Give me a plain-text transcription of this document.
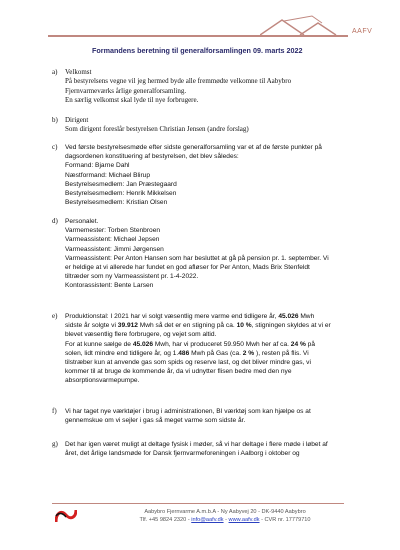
AAFV
Formandens beretning til generalforsamlingen 09. marts 2022
a)	Velkomst
På bestyrelsens vegne vil jeg hermed byde alle fremmødte velkomne til Aabybro
Fjernvarmeværks årlige generalforsamling.
En særlig velkomst skal lyde til nye forbrugere.
b)	Dirigent
Som dirigent foreslår bestyrelsen Christian Jensen (andre forslag)
c)	Ved første bestyrelsesmøde efter sidste generalforsamling var et af de første punkter på
dagsordenen konstituering af bestyrelsen, det blev således:
Formand: Bjarne Dahl
Næstformand: Michael Blirup
Bestyrelsesmedlem: Jan Præstegaard
Bestyrelsesmedlem: Henrik Mikkelsen
Bestyrelsesmedlem: Kristian Olsen
d)	Personalet.
Varmemester: Torben Stenbroen
Varmeassistent: Michael Jepsen
Varmeassistent: Jimmi Jørgensen
Varmeassistent: Per Anton Hansen som har besluttet at gå på pension pr. 1. september. Vi
er heldige at vi allerede har fundet en god afløser for Per Anton, Mads Brix Stenfeldt
tiltræder som ny Varmeassistent pr. 1-4-2022.
Kontorassistent: Bente Larsen
e)	Produktionstal: I 2021 har vi solgt væsentlig mere varme end tidligere år, 45.026 Mwh
sidste år solgte vi 39.912 Mwh så det er en stigning på ca. 10 %, stigningen skyldes at vi er
blevet væsentlig flere forbrugere, og vejet som altid.
For at kunne sælge de 45.026 Mwh, har vi produceret 59.950 Mwh her af ca. 24 % på
solen, lidt mindre end tidligere år, og 1.486 Mwh på Gas (ca. 2 % ), resten på flis. Vi
tilstræber kun at anvende gas som spids og reserve last, og det bliver mindre gas, vi
kommer til at bruge de kommende år, da vi udnytter flisen bedre med den nye
absorptionsvarmepumpe.
f)	Vi har taget nye værktøjer i brug i administrationen, BI værktøj som kan hjælpe os at
gennemskue om vi sejler i gas så meget varme som sidste år.
g)	Det har igen været muligt at deltage fysisk i møder, så vi har deltage i flere møde i løbet af
året, det årlige landsmøde for Dansk fjernvarmeforeningen i Aalborg i oktober og
Aabybro Fjernvarme A.m.b.A - Ny Aabyvej 20 - DK-9440 Aabybro
Tlf. +45 9824 2320 - info@aafv.dk - www.aafv.dk - CVR nr. 17779710
